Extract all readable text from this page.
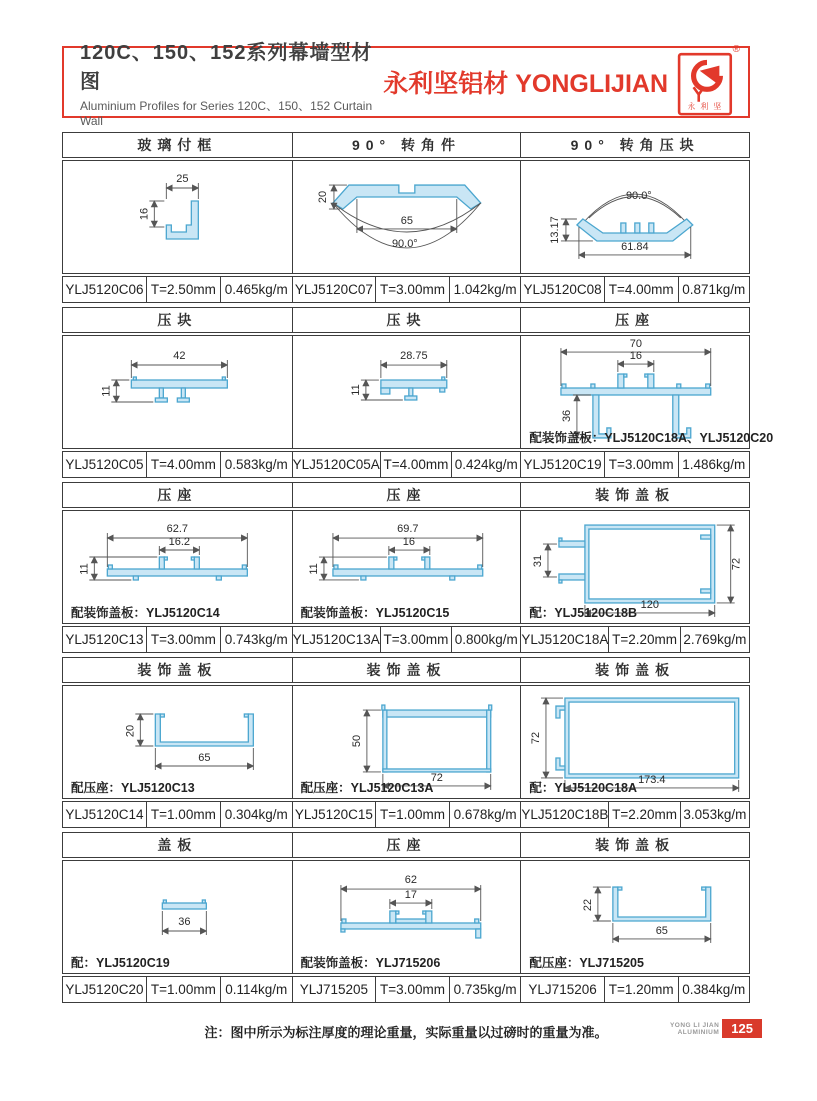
120C、150、152系列幕墙型材图
Aluminium Profiles for Series 120C、150、152 Curtain Wall
永利坚铝材 YONGLIJIAN
永利坚
®
玻璃付框	90° 转角件	90° 转角压块
25
16
20
65
90.0°
90.0°
13.17
61.84
YLJ5120C06 T=2.50mm 0.465kg/m YLJ5120C07 T=3.00mm 1.042kg/m YLJ5120C08 T=4.00mm 0.871kg/m
压块	压块	压座
42
11
28.75
11
70
16
36
配装饰盖板：YLJ5120C18A、YLJ5120C20
YLJ5120C05 T=4.00mm 0.583kg/m YLJ5120C05A T=4.00mm 0.424kg/m YLJ5120C19 T=3.00mm 1.486kg/m
压座	压座	装饰盖板
62.7
16.2
11
配装饰盖板：YLJ5120C14
69.7
16
11
配装饰盖板：YLJ5120C15
31	72
120
配：YLJ5120C18B
YLJ5120C13 T=3.00mm 0.743kg/m YLJ5120C13A T=3.00mm 0.800kg/m YLJ5120C18A T=2.20mm 2.769kg/m
装饰盖板	装饰盖板	装饰盖板
20
65
配压座：YLJ5120C13
50
72
配压座：YLJ5120C13A
72
173.4
配：YLJ5120C18A
YLJ5120C14 T=1.00mm 0.304kg/m YLJ5120C15 T=1.00mm 0.678kg/m YLJ5120C18B T=2.20mm 3.053kg/m
盖板	压座	装饰盖板
36
配：YLJ5120C19
62
17
配装饰盖板：YLJ715206
22
65
配压座：YLJ715205
YLJ5120C20 T=1.00mm 0.114kg/m YLJ715205 T=3.00mm 0.735kg/m YLJ715206 T=1.20mm 0.384kg/m
注：图中所示为标注厚度的理论重量，实际重量以过磅时的重量为准。	YONG LI JIAN
ALUMINIUM 125
